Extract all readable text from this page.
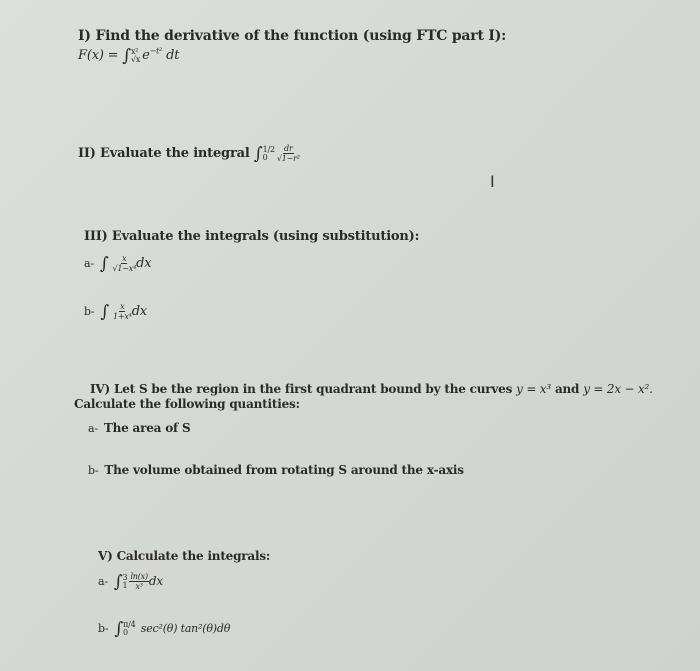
I) Find the derivative of the function (using FTC part I):
F(x) = ∫ x²
√x $e^{-t^2}$ dt
II) Evaluate the integral ∫ 1/2
0	$\frac{dr}{\text{√1−r²}}$
I
III) Evaluate the integrals (using substitution):
a- ∫ $\frac{x}{\text{√1−x⁴}}$ dx
b- ∫ $\frac{x}{\text{1+x⁴}}$ dx
IV) Let S be the region in the first quadrant bound by the curves y = x³ and y = 2x − x².
Calculate the following quantities:
a- The area of S
b- The volume obtained from rotating S around the x-axis
V) Calculate the integrals:
a- ∫ 3
$1 \frac{\ln(x)}{\text{x³}}$ dx
b- ∫ π/4
0	sec²(θ) tan²(θ)dθ
